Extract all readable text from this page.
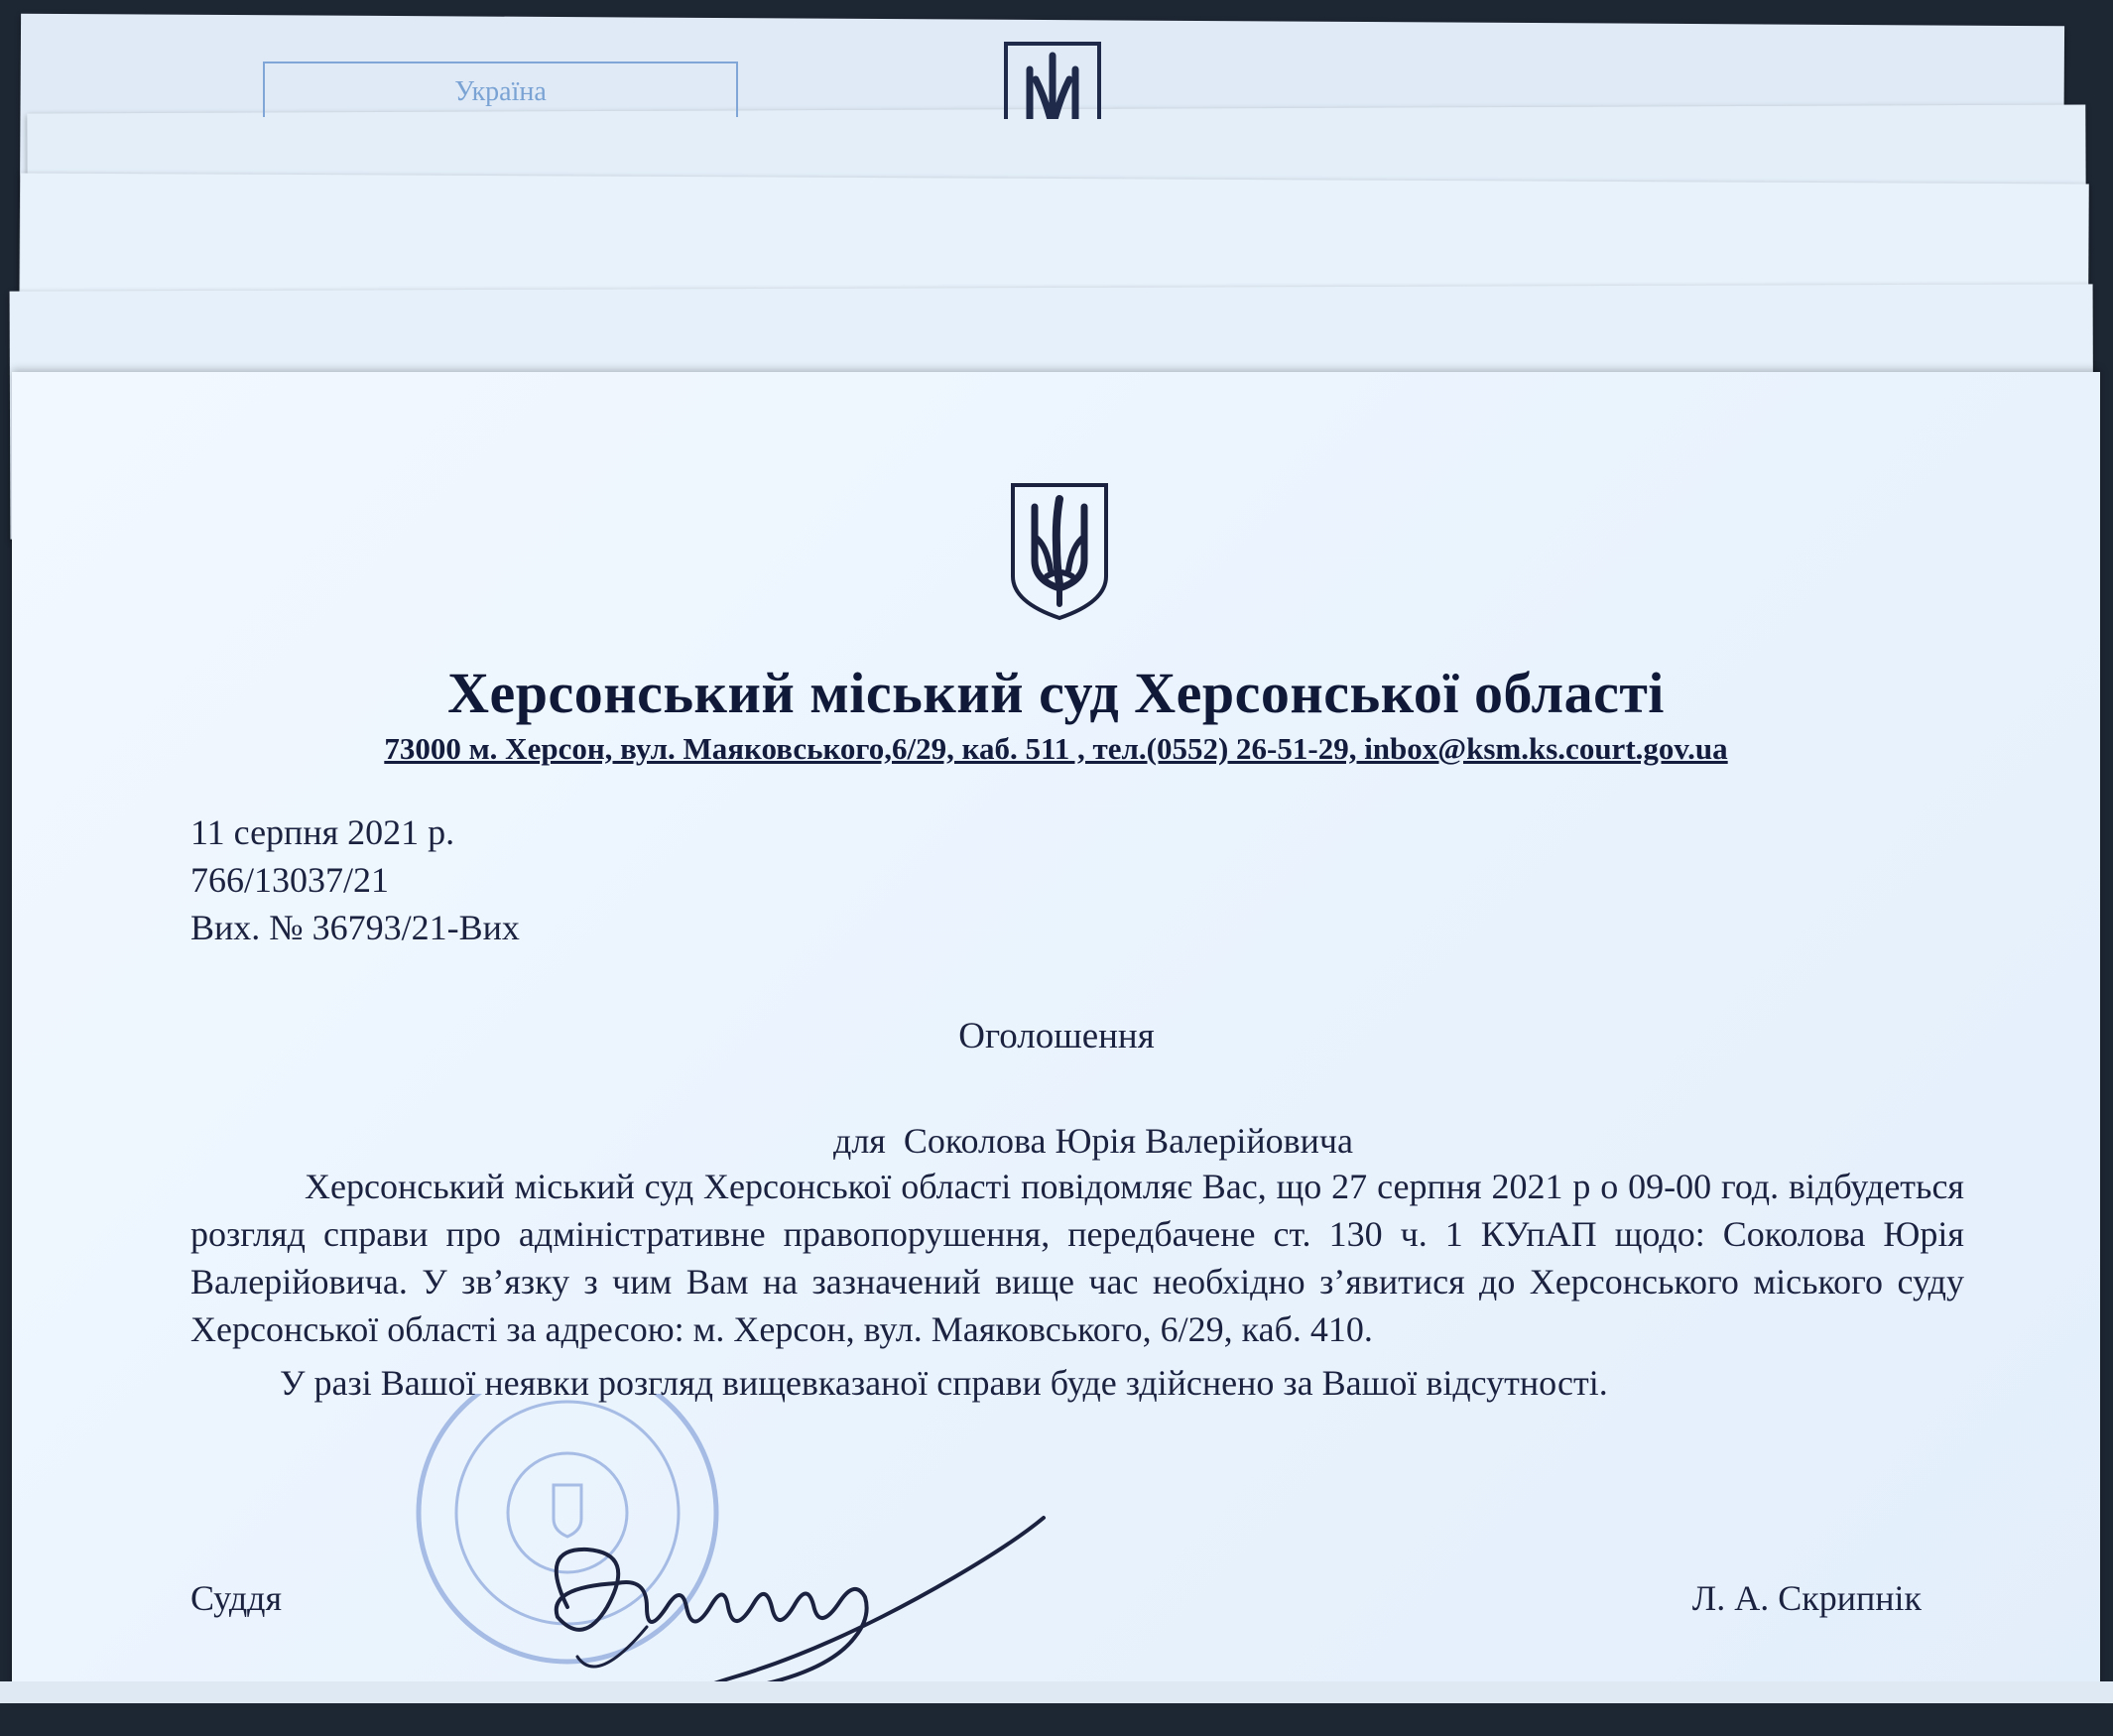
Україна
Херсонський міський суд Херсонської області
73000 м. Херсон, вул. Маяковського,6/29, каб. 511 , тел.(0552) 26-51-29, inbox@ksm.ks.court.gov.ua
11 серпня 2021 р.
766/13037/21
Вих. № 36793/21-Вих
Оголошення
для  Соколова Юрія Валерійовича

Херсонський міський суд Херсонської області повідомляє Вас, що 27 серпня 2021 р о 09-00 год. відбудеться розгляд справи про адміністративне правопорушення, передбачене ст. 130 ч. 1 КУпАП щодо: Соколова Юрія Валерійовича. У зв’язку з чим Вам на зазначений вище час необхідно з’явитися до Херсонського міського суду Херсонської області за адресою: м. Херсон, вул. Маяковського, 6/29, каб. 410.

У разі Вашої неявки розгляд вищевказаної справи буде здійснено за Вашої відсутності.

Суддя	Л. А. Скрипнік
